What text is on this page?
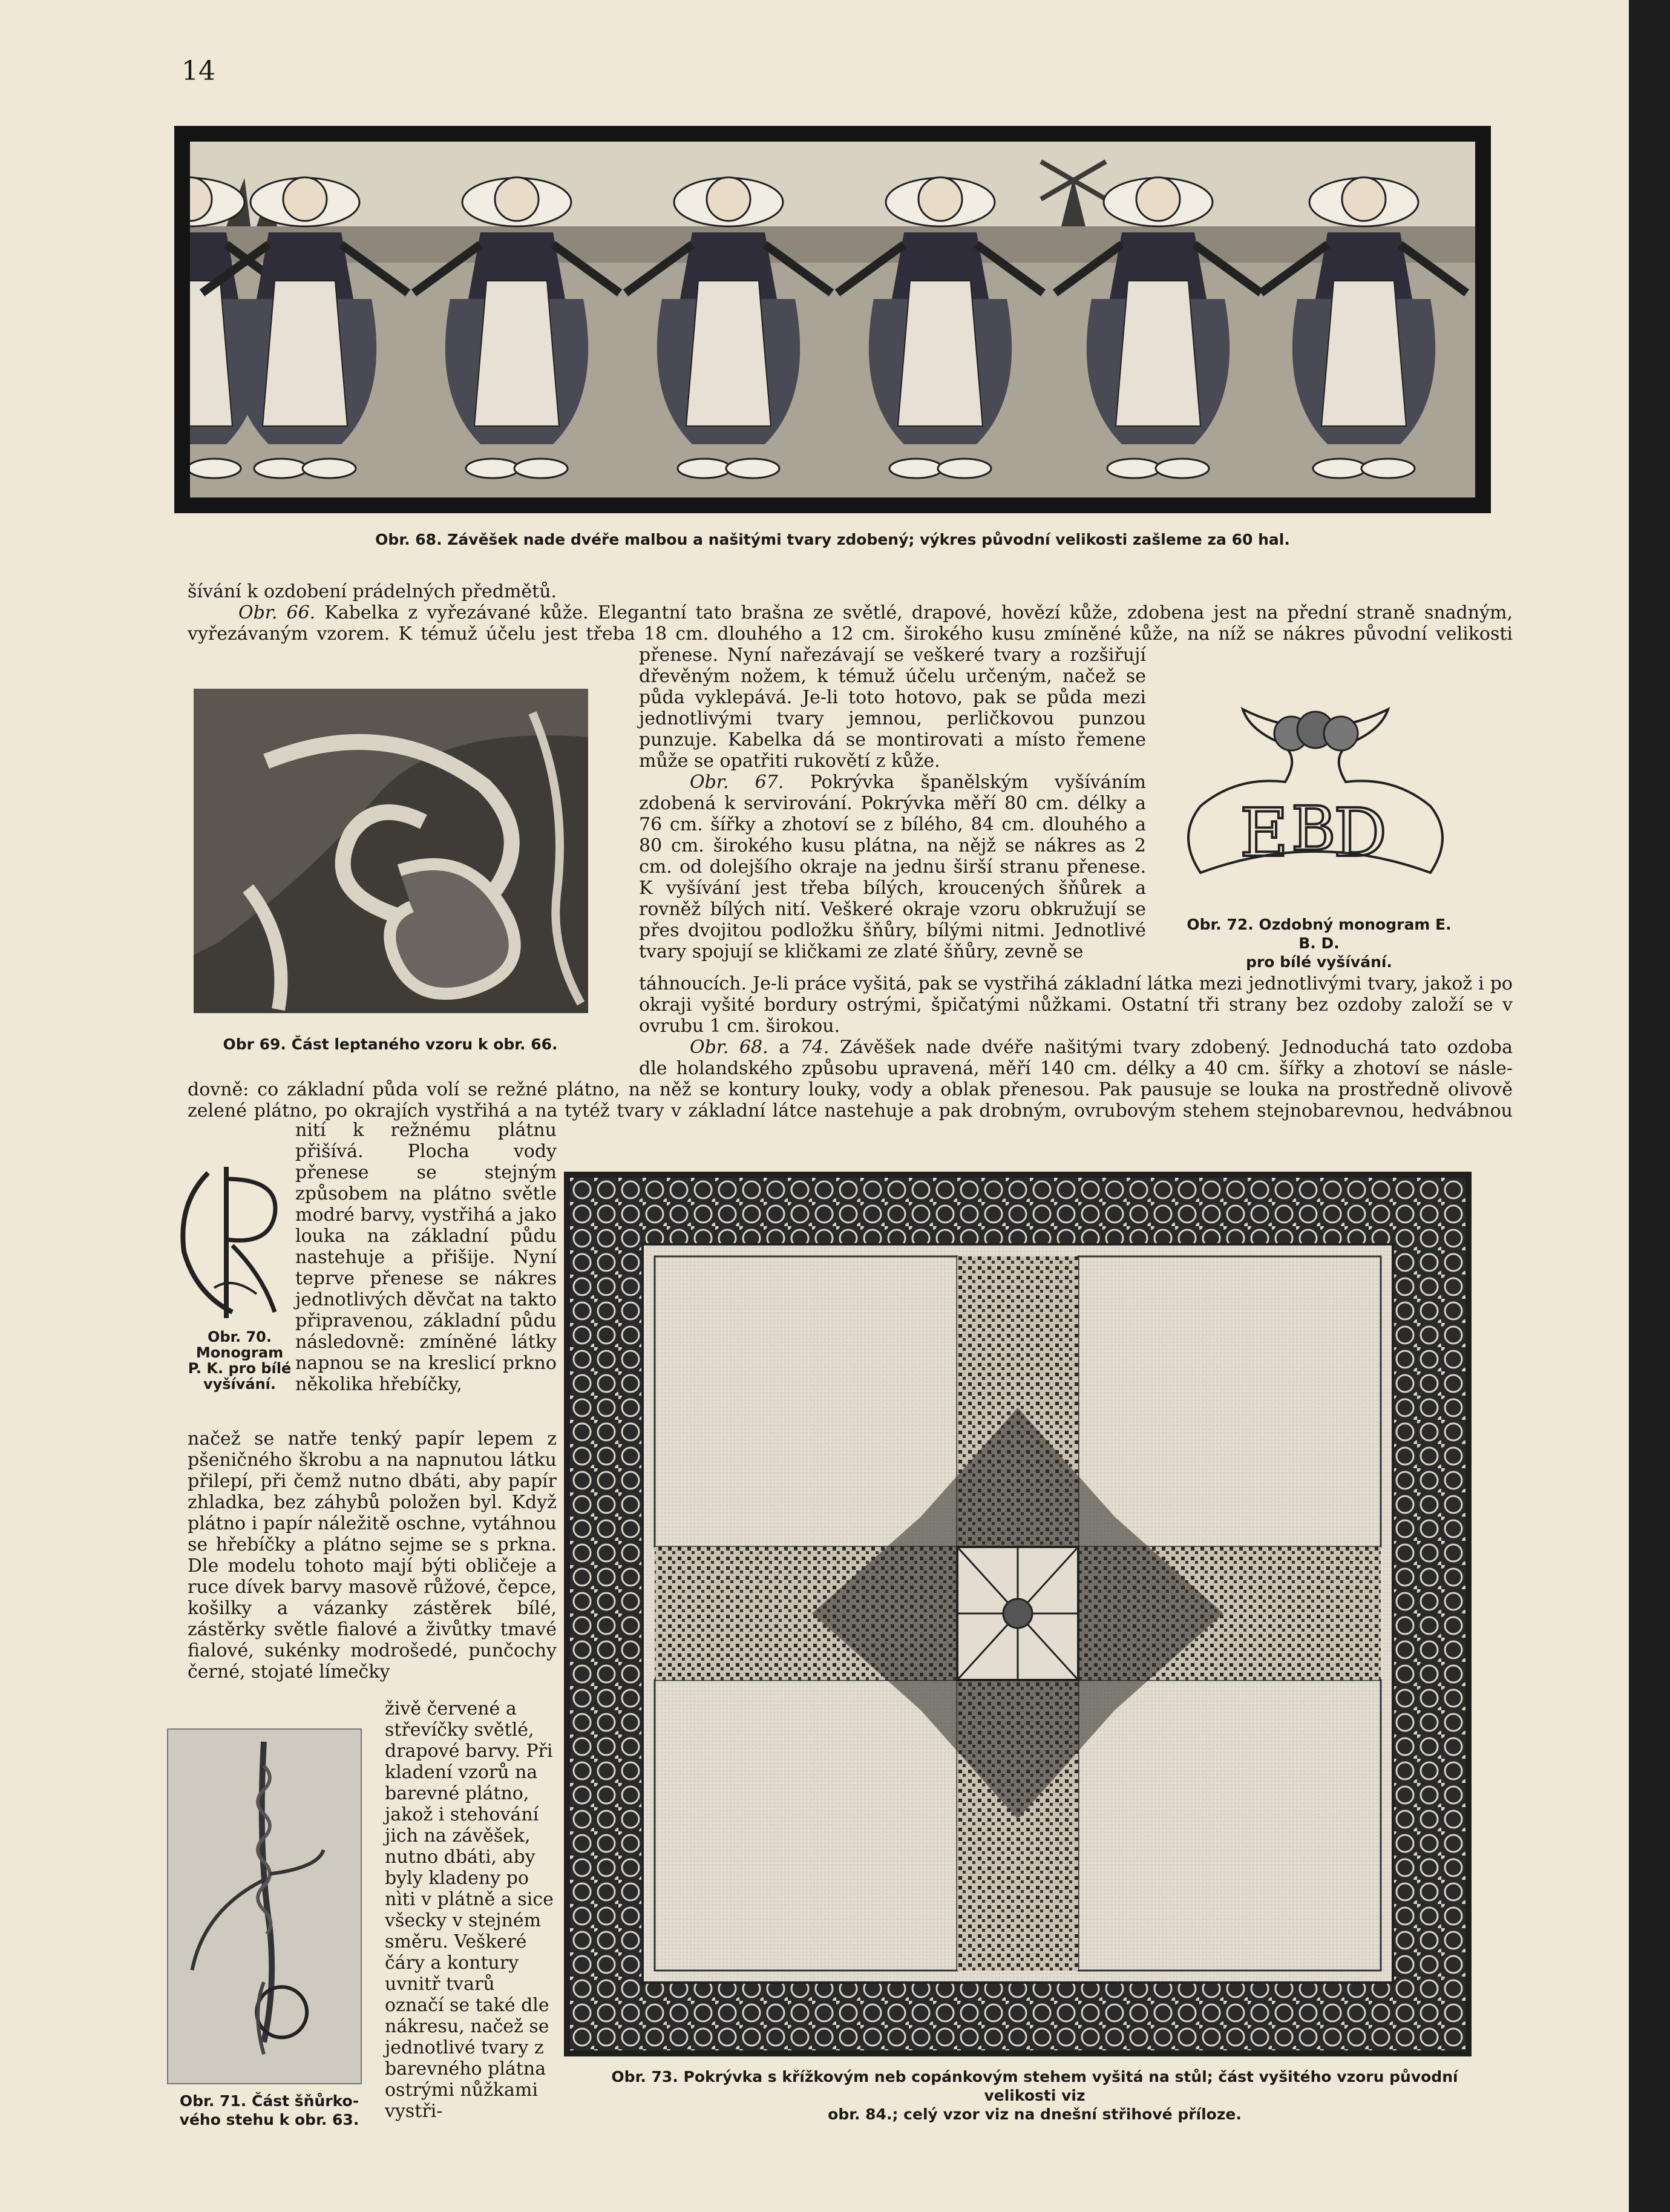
14
Obr. 68. Závěšek nade dvéře malbou a našitými tvary zdobený; výkres původní velikosti zašleme za 60 hal.
šívání k ozdobení prádelných předmětů.

Obr. 66. Kabelka z vyřezávané kůže. Elegantní tato brašna ze světlé, drapové, hovězí kůže, zdobena jest na přední straně snadným,

vyřezávaným vzorem. K témuž účelu jest třeba 18 cm. dlouhého a 12 cm. širokého kusu zmíněné kůže, na níž se nákres původní velikosti

Obr 69. Část leptaného vzoru k obr. 66.

přenese. Nyní nařezávají se veškeré tvary a rozšiřují dřevěným nožem, k témuž účelu určeným, načež se půda vyklepává. Je-li toto hotovo, pak se půda mezi jednotlivými tvary jemnou, perličkovou punzou punzuje. Kabelka dá se montirovati a místo řemene může se opatřiti rukovětí z kůže.

Obr. 67. Pokrývka španělským vyšíváním zdobená k servirování. Pokrývka měří 80 cm. délky a 76 cm. šířky a zhotoví se z bílého, 84 cm. dlouhého a 80 cm. širokého kusu plátna, na nějž se nákres as 2 cm. od dolejšího okraje na jednu širší stranu přenese. K vyšívání jest třeba bílých, kroucených šňůrek a rovněž bílých nití. Veškeré okraje vzoru obkružují se přes dvojitou podložku šňůry, bílými nitmi. Jednotlivé tvary spojují se kličkami ze zlaté šňůry, zevně se

E B
D
Obr. 72. Ozdobný monogram E. B. D.
pro bílé vyšívání.

táhnoucích. Je-li práce vyšitá, pak se vystřihá základní látka mezi jednotlivými tvary, jakož i po okraji vyšité bordury ostrými, špičatými nůžkami. Ostatní tři strany bez ozdoby založí se v ovrubu 1 cm. širokou.

Obr. 68. a 74. Závěšek nade dvéře našitými tvary zdobený. Jednoduchá tato ozdoba

dle holandského způsobu upravená, měří 140 cm. délky a 40 cm. šířky a zhotoví se násle-

dovně: co základní půda volí se režné plátno, na něž se kontury louky, vody a oblak přenesou. Pak pausuje se louka na prostředně olivově

zelené plátno, po okrajích vystřihá a na tytéž tvary v základní látce nastehuje a pak drobným, ovrubovým stehem stejnobarevnou, hedvábnou

Obr. 70.
Monogram
P. K. pro bílé
vyšívání.

nití k režnému plátnu přišívá. Plocha vody přenese se stejným způsobem na plátno světle modré barvy, vystřihá a jako louka na základní půdu nastehuje a přišije. Nyní teprve přenese se nákres jednotlivých děvčat na takto připravenou, základní půdu následovně: zmíněné látky napnou se na kreslicí prkno několika hřebíčky,

načež se natře tenký papír lepem z pšeničného škrobu a na napnutou látku přilepí, při čemž nutno dbáti, aby papír zhladka, bez záhybů položen byl. Když plátno i papír náležitě oschne, vytáhnou se hřebíčky a plátno sejme se s prkna. Dle modelu tohoto mají býti obličeje a ruce dívek barvy masově růžové, čepce, košilky a vázanky zástěrek bílé, zástěrky světle fialové a živůtky tmavé fialové, sukénky modrošedé, punčochy černé, stojaté límečky

Obr. 71. Část šňůrko-
vého stehu k obr. 63.

živě červené a střevíčky světlé, drapové barvy. Při kladení vzorů na barevné plátno, jakož i stehování jich na závěšek, nutno dbáti, aby byly kladeny po nìti v plátně a sice všecky v stejném směru. Veškeré čáry a kontury uvnitř tvarů označí se také dle nákresu, načež se jednotlivé tvary z barevného plátna ostrými nůžkami vystři-

Obr. 73. Pokrývka s křížkovým neb copánkovým stehem vyšitá na stůl; část vyšitého vzoru původní velikosti viz
obr. 84.; celý vzor viz na dnešní střihové příloze.
